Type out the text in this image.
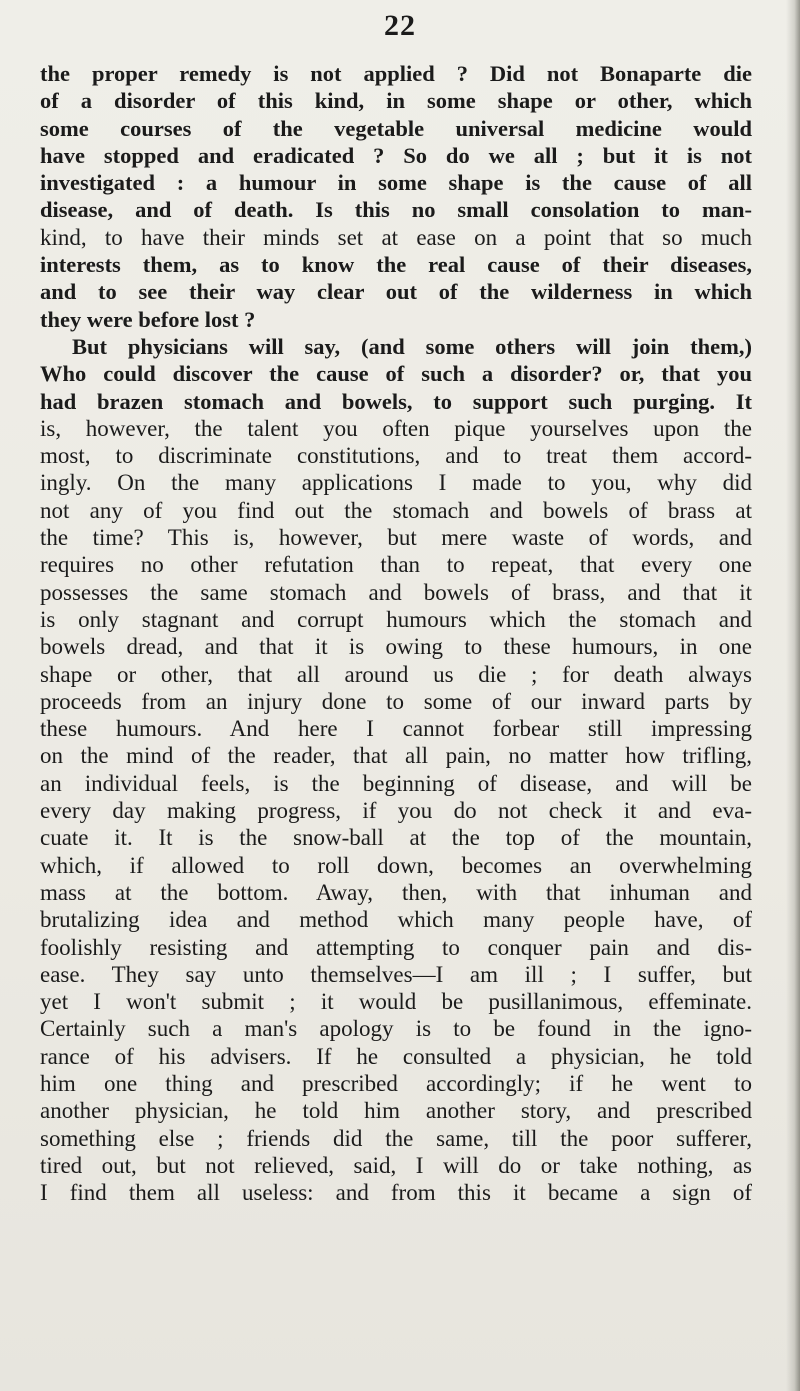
22
the proper remedy is not applied ? Did not Bonaparte die
of a disorder of this kind, in some shape or other, which
some courses of the vegetable universal medicine would
have stopped and eradicated ? So do we all ; but it is not
investigated : a humour in some shape is the cause of all
disease, and of death. Is this no small consolation to man-
kind, to have their minds set at ease on a point that so much
interests them, as to know the real cause of their diseases,
and to see their way clear out of the wilderness in which
they were before lost ?
But physicians will say, (and some others will join them,)
Who could discover the cause of such a disorder? or, that you
had brazen stomach and bowels, to support such purging. It
is, however, the talent you often pique yourselves upon the
most, to discriminate constitutions, and to treat them accord-
ingly. On the many applications I made to you, why did
not any of you find out the stomach and bowels of brass at
the time? This is, however, but mere waste of words, and
requires no other refutation than to repeat, that every one
possesses the same stomach and bowels of brass, and that it
is only stagnant and corrupt humours which the stomach and
bowels dread, and that it is owing to these humours, in one
shape or other, that all around us die ; for death always
proceeds from an injury done to some of our inward parts by
these humours. And here I cannot forbear still impressing
on the mind of the reader, that all pain, no matter how trifling,
an individual feels, is the beginning of disease, and will be
every day making progress, if you do not check it and eva-
cuate it. It is the snow-ball at the top of the mountain,
which, if allowed to roll down, becomes an overwhelming
mass at the bottom. Away, then, with that inhuman and
brutalizing idea and method which many people have, of
foolishly resisting and attempting to conquer pain and dis-
ease. They say unto themselves—I am ill ; I suffer, but
yet I won't submit ; it would be pusillanimous, effeminate.
Certainly such a man's apology is to be found in the igno-
rance of his advisers. If he consulted a physician, he told
him one thing and prescribed accordingly; if he went to
another physician, he told him another story, and prescribed
something else ; friends did the same, till the poor sufferer,
tired out, but not relieved, said, I will do or take nothing, as
I find them all useless: and from this it became a sign of
